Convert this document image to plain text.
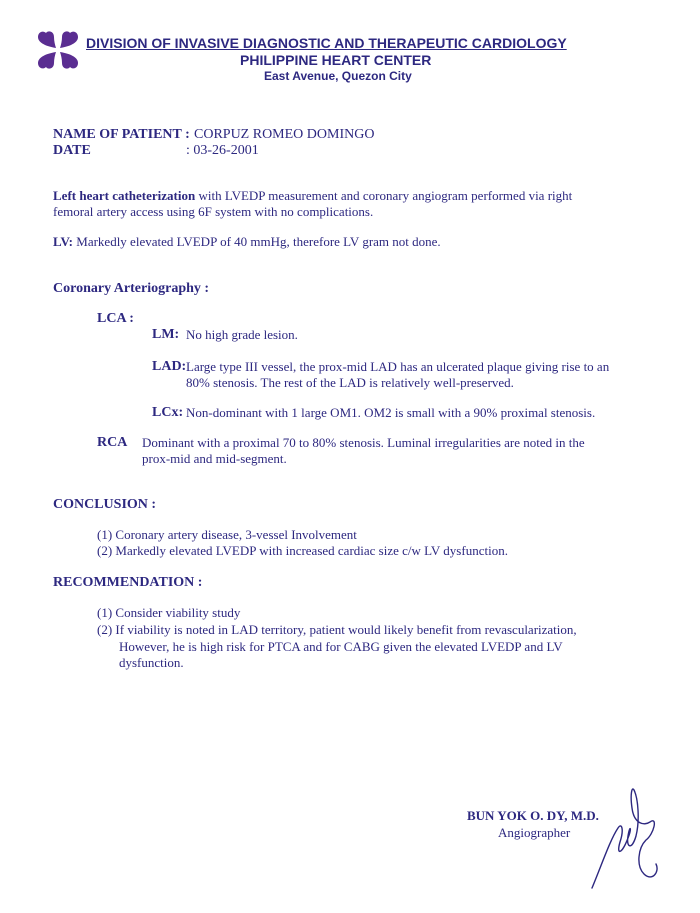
DIVISION OF INVASIVE DIAGNOSTIC AND THERAPEUTIC CARDIOLOGY
PHILIPPINE HEART CENTER
East Avenue, Quezon City
NAME OF PATIENT : CORPUZ ROMEO DOMINGO
DATE	: 03-26-2001
Left heart catheterization with LVEDP measurement and coronary angiogram performed via right
femoral artery access using 6F system with no complications.
LV: Markedly elevated LVEDP of 40 mmHg, therefore LV gram not done.
Coronary Arteriography :
LCA :
LM: No high grade lesion.
LAD: Large type III vessel, the prox-mid LAD has an ulcerated plaque giving rise to an
80% stenosis. The rest of the LAD is relatively well-preserved.
LCx: Non-dominant with 1 large OM1. OM2 is small with a 90% proximal stenosis.
RCA Dominant with a proximal 70 to 80% stenosis. Luminal irregularities are noted in the
prox-mid and mid-segment.
CONCLUSION :
(1) Coronary artery disease, 3-vessel Involvement
(2) Markedly elevated LVEDP with increased cardiac size c/w LV dysfunction.
RECOMMENDATION :
(1) Consider viability study
(2) If viability is noted in LAD territory, patient would likely benefit from revascularization,
However, he is high risk for PTCA and for CABG given the elevated LVEDP and LV
dysfunction.
BUN YOK O. DY, M.D.
Angiographer
